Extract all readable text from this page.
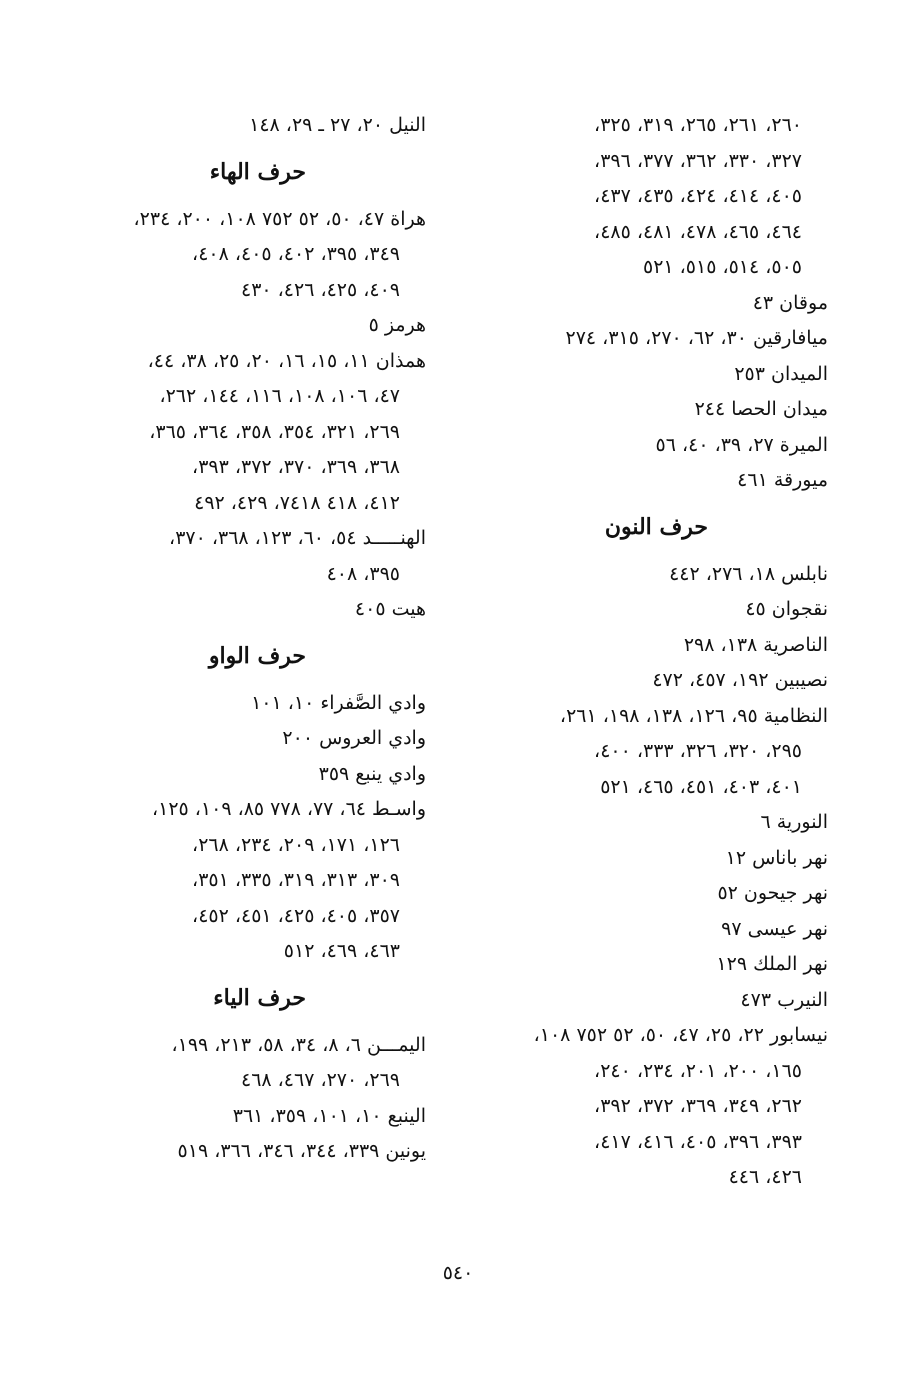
٢٦٠، ٢٦١، ٢٦٥، ٣١٩، ٣٢٥،
٣٢٧، ٣٣٠، ٣٦٢، ٣٧٧، ٣٩٦،
٤٠٥، ٤١٤، ٤٢٤، ٤٣٥، ٤٣٧،
٤٦٤، ٤٦٥، ٤٧٨، ٤٨١، ٤٨٥،
٥٠٥، ٥١٤، ٥١٥، ٥٢١
موقان ٤٣
ميافارقين ٣٠، ٦٢، ٢٧٠، ٣١٥، ٢٧٤
الميدان ٢٥٣
ميدان الحصا ٢٤٤
الميرة ٢٧، ٣٩، ٤٠، ٥٦
ميورقة ٤٦١
حرف النون
نابلس ١٨، ٢٧٦، ٤٤٢
نقجوان ٤٥
الناصرية ١٣٨، ٢٩٨
نصيبين ١٩٢، ٤٥٧، ٤٧٢
النظامية ٩٥، ١٢٦، ١٣٨، ١٩٨، ٢٦١،
٢٩٥، ٣٢٠، ٣٢٦، ٣٣٣، ٤٠٠،
٤٠١، ٤٠٣، ٤٥١، ٤٦٥، ٥٢١
النورية ٦
نهر باناس ١٢
نهر جيحون ٥٢
نهر عيسى ٩٧
نهر الملك ١٢٩
النيرب ٤٧٣
نيسابور ٢٢، ٢٥، ٤٧، ٥٠، ٥٢ ٧٥٢ ١٠٨،
١٦٥، ٢٠٠، ٢٠١، ٢٣٤، ٢٤٠،
٢٦٢، ٣٤٩، ٣٦٩، ٣٧٢، ٣٩٢،
٣٩٣، ٣٩٦، ٤٠٥، ٤١٦، ٤١٧،
٤٢٦، ٤٤٦
النيل ٢٠، ٢٧ ـ ٢٩، ١٤٨
حرف الهاء
هراة ٤٧، ٥٠، ٥٢ ٧٥٢ ١٠٨، ٢٠٠، ٢٣٤،
٣٤٩، ٣٩٥، ٤٠٢، ٤٠٥، ٤٠٨،
٤٠٩، ٤٢٥، ٤٢٦، ٤٣٠
هرمز ٥
همذان ١١، ١٥، ١٦، ٢٠، ٢٥، ٣٨، ٤٤،
٤٧، ١٠٦، ١٠٨، ١١٦، ١٤٤، ٢٦٢،
٢٦٩، ٣٢١، ٣٥٤، ٣٥٨، ٣٦٤، ٣٦٥،
٣٦٨، ٣٦٩، ٣٧٠، ٣٧٢، ٣٩٣،
٤١٢، ٤١٨ ٧٤١٨، ٤٢٩، ٤٩٢
الهنـــــد ٥٤، ٦٠، ١٢٣، ٣٦٨، ٣٧٠،
٣٩٥، ٤٠٨
هيت ٤٠٥
حرف الواو
وادي الصَّفراء ١٠، ١٠١
وادي العروس ٢٠٠
وادي ينبع ٣٥٩
واسـط ٦٤، ٧٧، ٧٧٨ ٨٥، ١٠٩، ١٢٥،
١٢٦، ١٧١، ٢٠٩، ٢٣٤، ٢٦٨،
٣٠٩، ٣١٣، ٣١٩، ٣٣٥، ٣٥١،
٣٥٧، ٤٠٥، ٤٢٥، ٤٥١، ٤٥٢،
٤٦٣، ٤٦٩، ٥١٢
حرف الياء
اليمـــن ٦، ٨، ٣٤، ٥٨، ٢١٣، ١٩٩،
٢٦٩، ٢٧٠، ٤٦٧، ٤٦٨
الينبع ١٠، ١٠١، ٣٥٩، ٣٦١
يونين ٣٣٩، ٣٤٤، ٣٤٦، ٣٦٦، ٥١٩
٥٤٠
